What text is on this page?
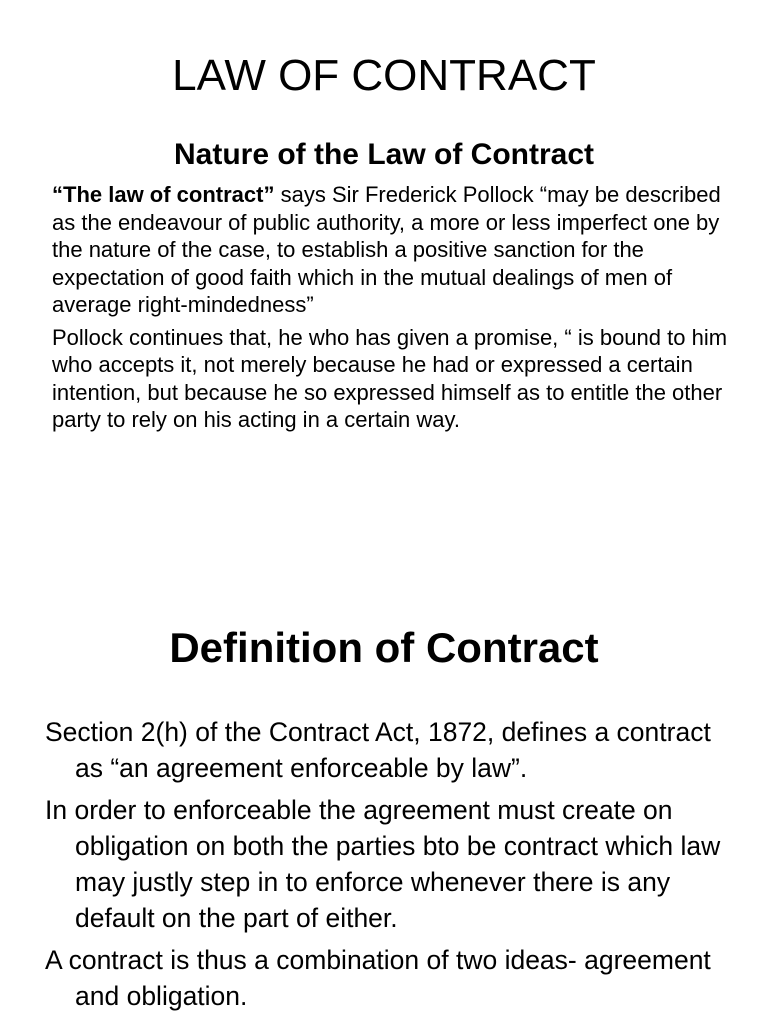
LAW OF CONTRACT
Nature of the Law of Contract

“The law of contract” says Sir Frederick Pollock “may be described as the endeavour of public authority, a more or less imperfect one by the nature of the case, to establish a positive sanction for the expectation of good faith which in the mutual dealings of men of average right-mindedness”

Pollock continues that, he who has given a promise, “ is bound to him who accepts it, not merely because he had or expressed a certain intention, but because he so expressed himself as to entitle the other party to rely on his acting in a certain way.

Definition of Contract

Section 2(h) of the Contract Act, 1872, defines a contract as “an agreement enforceable by law”.

In order to enforceable the agreement must create on obligation on both the parties bto be contract which law may justly step in to enforce whenever there is any default on the part of either.

A contract is thus a combination of two ideas- agreement and obligation.
